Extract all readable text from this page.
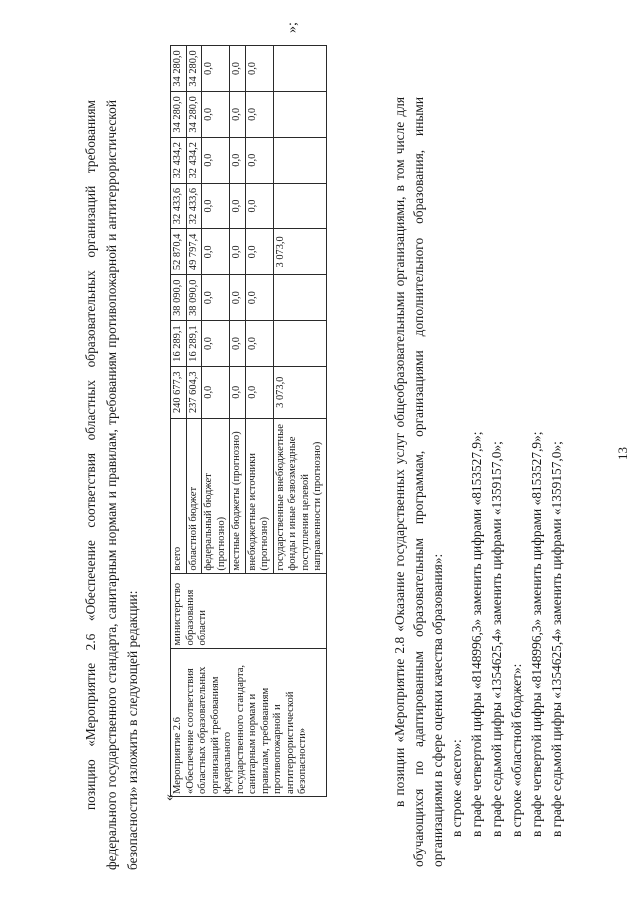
13
позицию «Мероприятие 2.6 «Обеспечение соответствия областных образовательных организаций требованиям федерального государственного стандарта, санитарным нормам и правилам, требованиям противопожарной и антитеррористической безопасности» изложить в следующей редакции: «
Мероприятие 2.6 «Обеспечение соответствия областных образовательных организаций требованиям федерального государственного стандарта, санитарным нормам и правилам, требованиям противопожарной и антитеррористической безопасности»	министерство образования области	всего	240 677,3	16 289,1	38 090,0	52 870,4	32 433,6	32 434,2	34 280,0	34 280,0
		областной бюджет	237 604,3	16 289,1	38 090,0	49 797,4	32 433,6	32 434,2	34 280,0	34 280,0
		федеральный бюджет (прогнозно)	0,0	0,0	0,0	0,0	0,0	0,0	0,0	0,0
		местные бюджеты (прогнозно)	0,0	0,0	0,0	0,0	0,0	0,0	0,0	0,0
		внебюджетные источники (прогнозно)	0,0	0,0	0,0	0,0	0,0	0,0	0,0	0,0
		государственные внебюджетные фонды и иные безвозмездные поступления целевой направленности (прогнозно)	3 073,0			3 073,0				
»;
в позиции «Мероприятие 2.8 «Оказание государственных услуг общеобразовательными организациями, в том числе для обучающихся по адаптированным образовательным программам, организациями дополнительного образования, иными организациями в сфере оценки качества образования»: в строке «всего»: в графе четвертой цифры «8148996,3» заменить цифрами «8153527,9»; в графе седьмой цифры «1354625,4» заменить цифрами «1359157,0»; в строке «областной бюджет»: в графе четвертой цифры «8148996,3» заменить цифрами «8153527,9»; в графе седьмой цифры «1354625,4» заменить цифрами «1359157,0»;
